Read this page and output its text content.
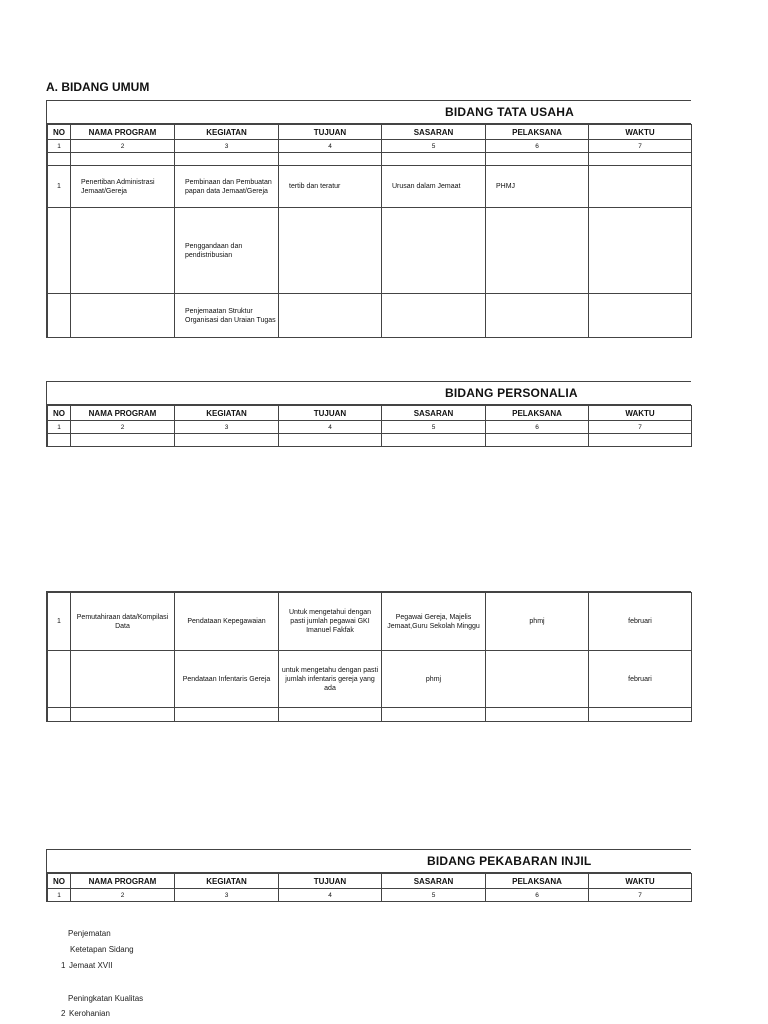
A. BIDANG UMUM
BIDANG TATA USAHA
NO	NAMA PROGRAM	KEGIATAN	TUJUAN	SASARAN	PELAKSANA	WAKTU
1	2	3	4	5	6	7

1	Penertiban Administrasi Jemaat/Gereja	Pembinaan dan Pembuatan papan data Jemaat/Gereja	tertib dan teratur	Urusan dalam Jemaat	PHMJ	
		Penggandaan dan pendistribusian				
		Penjemaatan Struktur Organisasi dan Uraian Tugas				
BIDANG PERSONALIA
NO	NAMA PROGRAM	KEGIATAN	TUJUAN	SASARAN	PELAKSANA	WAKTU
1	2	3	4	5	6	7

1	Pemutahiraan data/Kompilasi Data	Pendataan Kepegawaian	Untuk mengetahui dengan pasti jumlah pegawai GKI Imanuel Fakfak	Pegawai Gereja, Majelis Jemaat,Guru Sekolah Minggu	phmj	februari
		Pendataan Infentaris Gereja	untuk mengetahu dengan pasti jumlah infentaris gereja yang ada	phmj		februari

BIDANG PEKABARAN INJIL
NO	NAMA PROGRAM	KEGIATAN	TUJUAN	SASARAN	PELAKSANA	WAKTU
1	2	3	4	5	6	7
Penjematan
Ketetapan Sidang
1 Jemaat XVII
Peningkatan Kualitas
2 Kerohanian
